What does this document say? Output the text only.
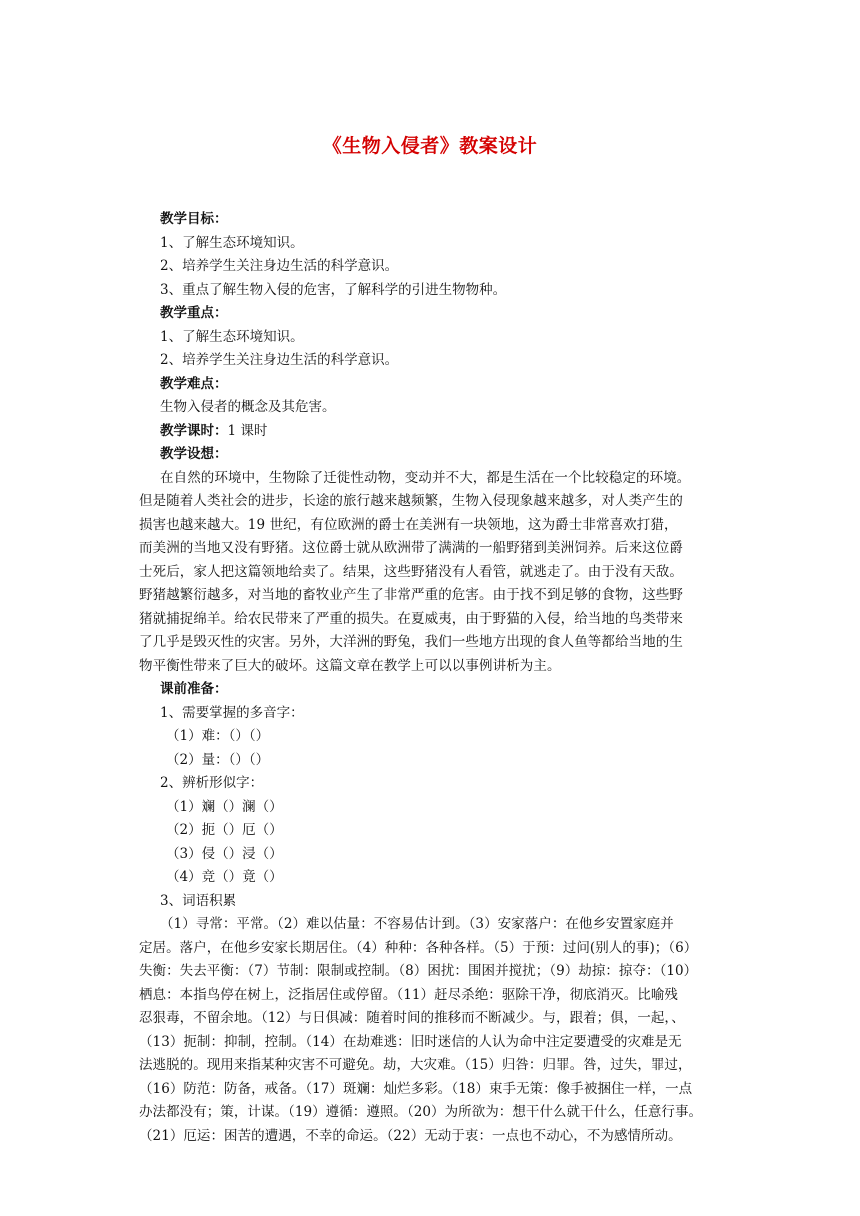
《生物入侵者》教案设计
教学目标：
1、了解生态环境知识。
2、培养学生关注身边生活的科学意识。
3、重点了解生物入侵的危害，了解科学的引进生物物种。
教学重点：
1、了解生态环境知识。
2、培养学生关注身边生活的科学意识。
教学难点：
生物入侵者的概念及其危害。
教学课时：1 课时
教学设想：
在自然的环境中，生物除了迁徙性动物，变动并不大，都是生活在一个比较稳定的环境。
但是随着人类社会的进步，长途的旅行越来越频繁，生物入侵现象越来越多，对人类产生的
损害也越来越大。19 世纪，有位欧洲的爵士在美洲有一块领地，这为爵士非常喜欢打猎，
而美洲的当地又没有野猪。这位爵士就从欧洲带了满满的一船野猪到美洲饲养。后来这位爵
士死后，家人把这篇领地给卖了。结果，这些野猪没有人看管，就逃走了。由于没有天敌。
野猪越繁衍越多，对当地的畜牧业产生了非常严重的危害。由于找不到足够的食物，这些野
猪就捕捉绵羊。给农民带来了严重的损失。在夏威夷，由于野猫的入侵，给当地的鸟类带来
了几乎是毁灭性的灾害。另外，大洋洲的野兔，我们一些地方出现的食人鱼等都给当地的生
物平衡性带来了巨大的破坏。这篇文章在教学上可以以事例讲析为主。
课前准备：
1、需要掌握的多音字：
（1）难：（）（）
（2）量：（）（）
2、辨析形似字：
（1）斓（）澜（）
（2）扼（）厄（）
（3）侵（）浸（）
（4）竞（）竟（）
3、词语积累
（1）寻常：平常。（2）难以估量：不容易估计到。（3）安家落户：在他乡安置家庭并
定居。落户，在他乡安家长期居住。（4）种种：各种各样。（5）于预：过问(别人的事)；（6）
失衡：失去平衡：（7）节制：限制或控制。（8）困扰：围困并搅扰；（9）劫掠：掠夺：（10）
栖息：本指鸟停在树上，泛指居住或停留。（11）赶尽杀绝：驱除干净，彻底消灭。比喻残
忍狠毒，不留余地。（12）与日俱减：随着时间的推移而不断减少。与，跟着；俱，一起，、
（13）扼制：抑制，控制。（14）在劫难逃：旧时迷信的人认为命中注定要遭受的灾难是无
法逃脱的。现用来指某种灾害不可避免。劫，大灾难。（15）归咎：归罪。咎，过失，罪过，
（16）防范：防备，戒备。（17）斑斓：灿烂多彩。（18）束手无策：像手被捆住一样，一点
办法都没有；策，计谋。（19）遵循：遵照。（20）为所欲为：想干什么就干什么，任意行事。
（21）厄运：困苦的遭遇，不幸的命运。（22）无动于衷：一点也不动心，不为感情所动。
